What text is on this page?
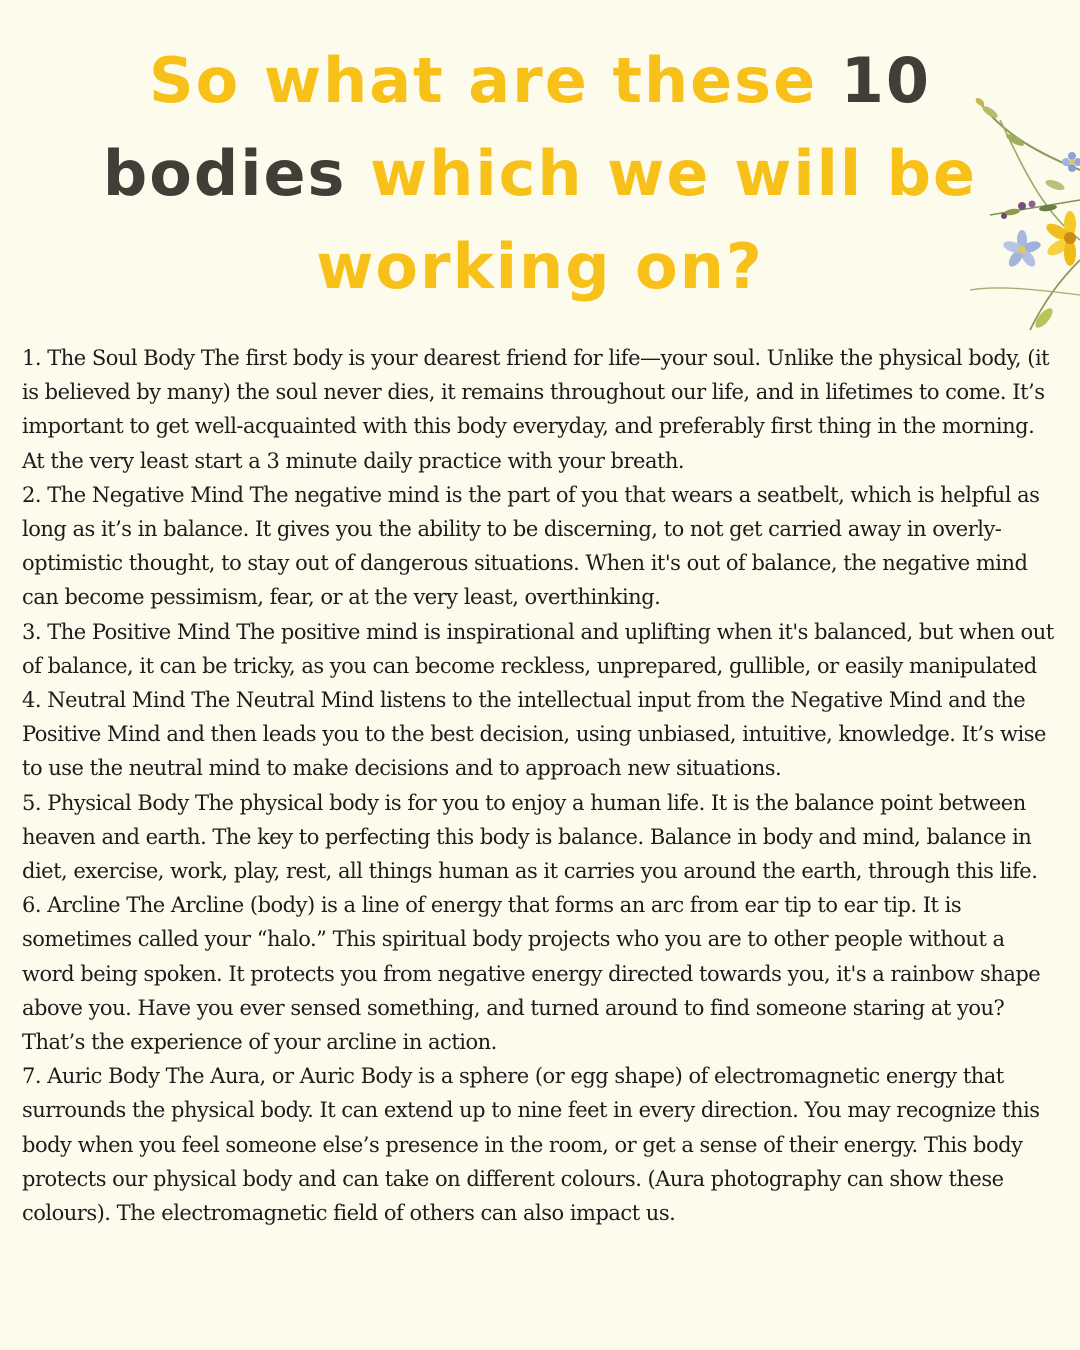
So what are these 10 bodies which we will be working on?

1. The Soul Body The first body is your dearest friend for life—your soul. Unlike the physical body, (it is believed by many) the soul never dies, it remains throughout our life, and in lifetimes to come. It’s important to get well-acquainted with this body everyday, and preferably first thing in the morning. At the very least start a 3 minute daily practice with your breath.

2. The Negative Mind The negative mind is the part of you that wears a seatbelt, which is helpful as long as it’s in balance. It gives you the ability to be discerning, to not get carried away in overly-optimistic thought, to stay out of dangerous situations. When it's out of balance, the negative mind can become pessimism, fear, or at the very least, overthinking.

3. The Positive Mind The positive mind is inspirational and uplifting when it's balanced, but when out of balance, it can be tricky, as you can become reckless, unprepared, gullible, or easily manipulated

4. Neutral Mind The Neutral Mind listens to the intellectual input from the Negative Mind and the Positive Mind and then leads you to the best decision, using unbiased, intuitive, knowledge. It’s wise to use the neutral mind to make decisions and to approach new situations.

5. Physical Body The physical body is for you to enjoy a human life. It is the balance point between heaven and earth. The key to perfecting this body is balance. Balance in body and mind, balance in diet, exercise, work, play, rest, all things human as it carries you around the earth, through this life.

6. Arcline The Arcline (body) is a line of energy that forms an arc from ear tip to ear tip. It is sometimes called your “halo.” This spiritual body projects who you are to other people without a word being spoken. It protects you from negative energy directed towards you, it's a rainbow shape above you. Have you ever sensed something, and turned around to find someone staring at you? That’s the experience of your arcline in action.

7. Auric Body The Aura, or Auric Body is a sphere (or egg shape) of electromagnetic energy that surrounds the physical body. It can extend up to nine feet in every direction. You may recognize this body when you feel someone else’s presence in the room, or get a sense of their energy. This body protects our physical body and can take on different colours. (Aura photography can show these colours). The electromagnetic field of others can also impact us.
